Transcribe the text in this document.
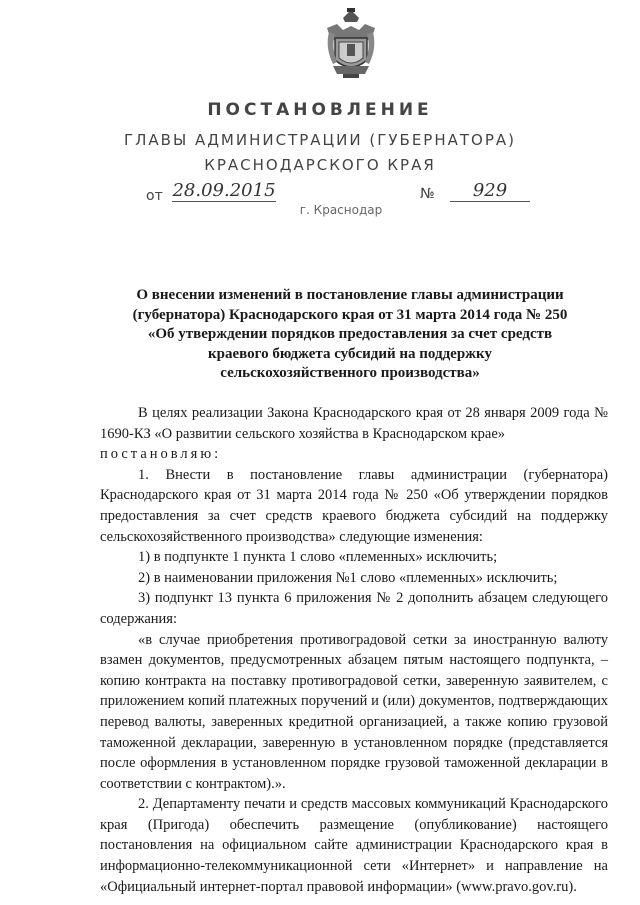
ПОСТАНОВЛЕНИЕ
ГЛАВЫ АДМИНИСТРАЦИИ (ГУБЕРНАТОРА)
КРАСНОДАРСКОГО КРАЯ
от 28.09.2015	№	929
г. Краснодар
О внесении изменений в постановление главы администрации
(губернатора) Краснодарского края от 31 марта 2014 года № 250
«Об утверждении порядков предоставления за счет средств
краевого бюджета субсидий на поддержку
сельскохозяйственного производства»

В целях реализации Закона Краснодарского края от 28 января 2009 года № 1690-КЗ «О развитии сельского хозяйства в Краснодарском крае»

постановляю:

1. Внести в постановление главы администрации (губернатора) Краснодарского края от 31 марта 2014 года № 250 «Об утверждении порядков предоставления за счет средств краевого бюджета субсидий на поддержку сельскохозяйственного производства» следующие изменения:

1) в подпункте 1 пункта 1 слово «племенных» исключить;

2) в наименовании приложения №1 слово «племенных» исключить;

3) подпункт 13 пункта 6 приложения № 2 дополнить абзацем следующего содержания:

«в случае приобретения противоградовой сетки за иностранную валюту взамен документов, предусмотренных абзацем пятым настоящего подпункта, – копию контракта на поставку противоградовой сетки, заверенную заявителем, с приложением копий платежных поручений и (или) документов, подтверждающих перевод валюты, заверенных кредитной организацией, а также копию грузовой таможенной декларации, заверенную в установленном порядке (представляется после оформления в установленном порядке грузовой таможенной декларации в соответствии с контрактом).».

2. Департаменту печати и средств массовых коммуникаций Краснодарского края (Пригода) обеспечить размещение (опубликование) настоящего постановления на официальном сайте администрации Краснодарского края в информационно-телекоммуникационной сети «Интернет» и направление на «Официальный интернет-портал правовой информации» (www.pravo.gov.ru).
